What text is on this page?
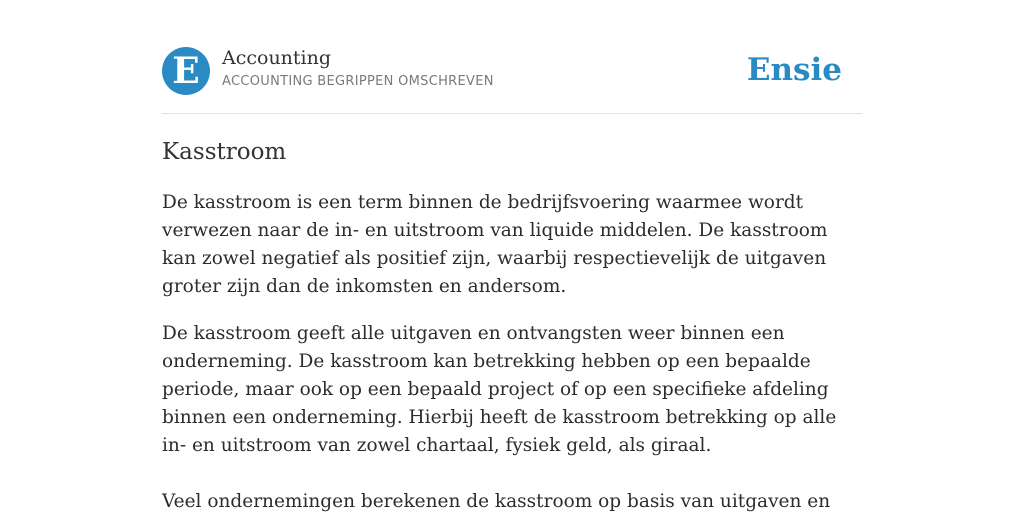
E	Accounting
ACCOUNTING BEGRIPPEN OMSCHREVEN	Ensie
Kasstroom

De kasstroom is een term binnen de bedrijfsvoering waarmee wordt verwezen naar de in- en uitstroom van liquide middelen. De kasstroom kan zowel negatief als positief zijn, waarbij respectievelijk de uitgaven groter zijn dan de inkomsten en andersom.

De kasstroom geeft alle uitgaven en ontvangsten weer binnen een onderneming. De kasstroom kan betrekking hebben op een bepaalde periode, maar ook op een bepaald project of op een specifieke afdeling binnen een onderneming. Hierbij heeft de kasstroom betrekking op alle in- en uitstroom van zowel chartaal, fysiek geld, als giraal.

Veel ondernemingen berekenen de kasstroom op basis van uitgaven en
